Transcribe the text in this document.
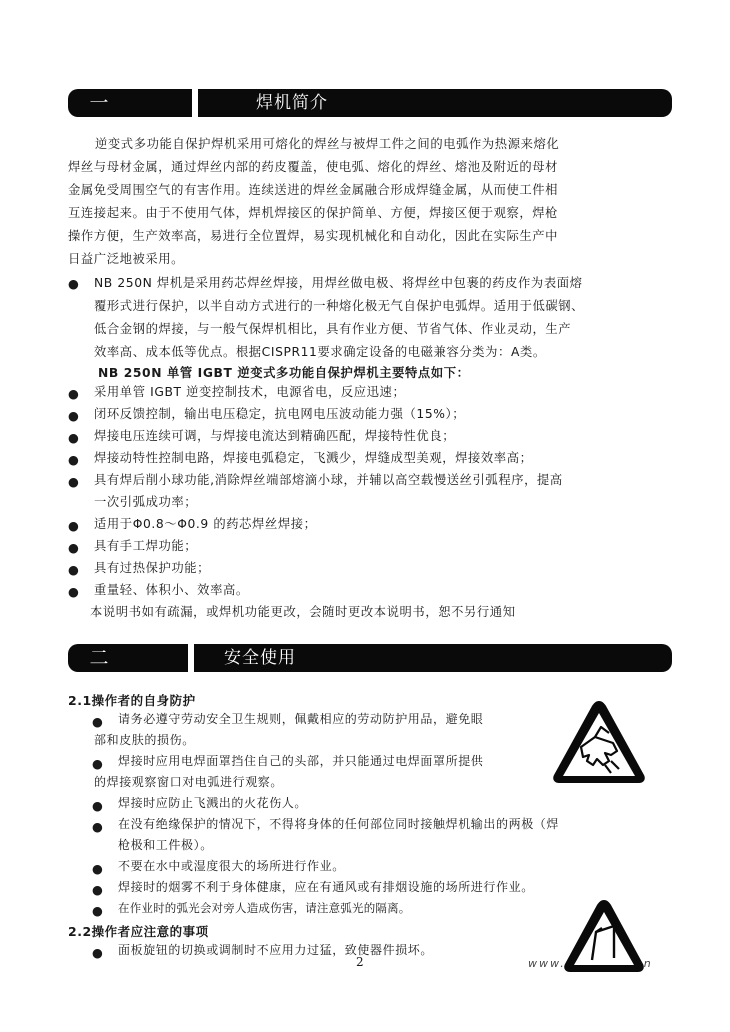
一	焊机简介
逆变式多功能自保护焊机采用可熔化的焊丝与被焊工件之间的电弧作为热源来熔化
焊丝与母材金属，通过焊丝内部的药皮覆盖，使电弧、熔化的焊丝、熔池及附近的母材
金属免受周围空气的有害作用。连续送进的焊丝金属融合形成焊缝金属，从而使工件相
互连接起来。由于不使用气体，焊机焊接区的保护简单、方便，焊接区便于观察，焊枪
操作方便，生产效率高，易进行全位置焊，易实现机械化和自动化，因此在实际生产中
日益广泛地被采用。
● NB 250N 焊机是采用药芯焊丝焊接，用焊丝做电极、将焊丝中包裹的药皮作为表面熔
覆形式进行保护，以半自动方式进行的一种熔化极无气自保护电弧焊。适用于低碳钢、
低合金钢的焊接，与一般气保焊机相比，具有作业方便、节省气体、作业灵动，生产
效率高、成本低等优点。根据CISPR11要求确定设备的电磁兼容分类为：A类。
NB 250N 单管 IGBT 逆变式多功能自保护焊机主要特点如下：
● 采用单管 IGBT 逆变控制技术，电源省电，反应迅速；
● 闭环反馈控制，输出电压稳定，抗电网电压波动能力强（15%）；
● 焊接电压连续可调，与焊接电流达到精确匹配，焊接特性优良；
● 焊接动特性控制电路，焊接电弧稳定，飞溅少，焊缝成型美观，焊接效率高；
● 具有焊后削小球功能,消除焊丝端部熔滴小球，并辅以高空载慢送丝引弧程序，提高
一次引弧成功率；
● 适用于Φ0.8～Φ0.9 的药芯焊丝焊接；
● 具有手工焊功能；
● 具有过热保护功能；
● 重量轻、体积小、效率高。
本说明书如有疏漏，或焊机功能更改，会随时更改本说明书，恕不另行通知
二	安全使用
2.1操作者的自身防护
● 请务必遵守劳动安全卫生规则，佩戴相应的劳动防护用品，避免眼
部和皮肤的损伤。
● 焊接时应用电焊面罩挡住自己的头部，并只能通过电焊面罩所提供
的焊接观察窗口对电弧进行观察。
● 焊接时应防止飞溅出的火花伤人。
● 在没有绝缘保护的情况下，不得将身体的任何部位同时接触焊机输出的两极（焊
枪极和工件极）。
● 不要在水中或湿度很大的场所进行作业。
● 焊接时的烟雾不利于身体健康，应在有通风或有排烟设施的场所进行作业。
● 在作业时的弧光会对旁人造成伤害，请注意弧光的隔离。
2.2操作者应注意的事项
● 面板旋钮的切换或调制时不应用力过猛，致使器件损坏。
2	www.　　　　　　n
